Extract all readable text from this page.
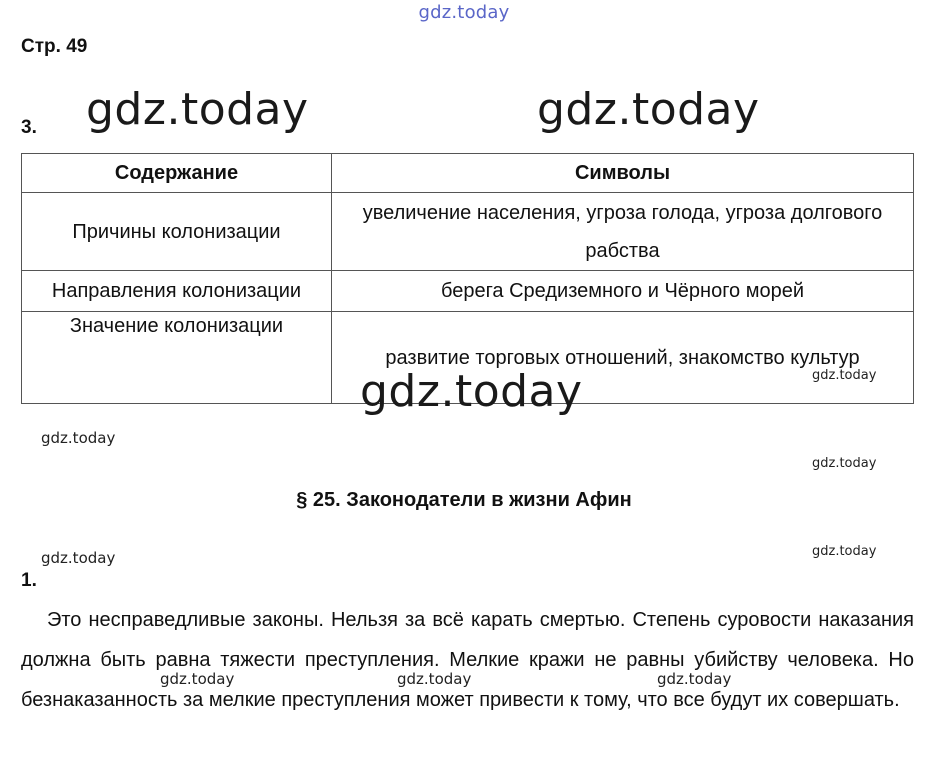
gdz.today
Стр. 49
3. gdz.today	gdz.today
Содержание	Символы
Причины колонизации	увеличение населения, угроза голода, угроза долгового рабства
Направления колонизации	берега Средиземного и Чёрного морей
Значение колонизации	развитие торговых отношений, знакомство культур
gdz.today
gdz.today
gdz.today
gdz.today
§ 25. Законодатели в жизни Афин
gdz.today	gdz.today
1.
Это несправедливые законы. Нельзя за всё карать смертью. Степень суровости наказания должна быть равна тяжести преступления. Мелкие кражи не равны убийству человека. Но безнаказанность за мелкие преступления может привести к тому, что все будут их совершать.
gdz.today	gdz.today	gdz.today
